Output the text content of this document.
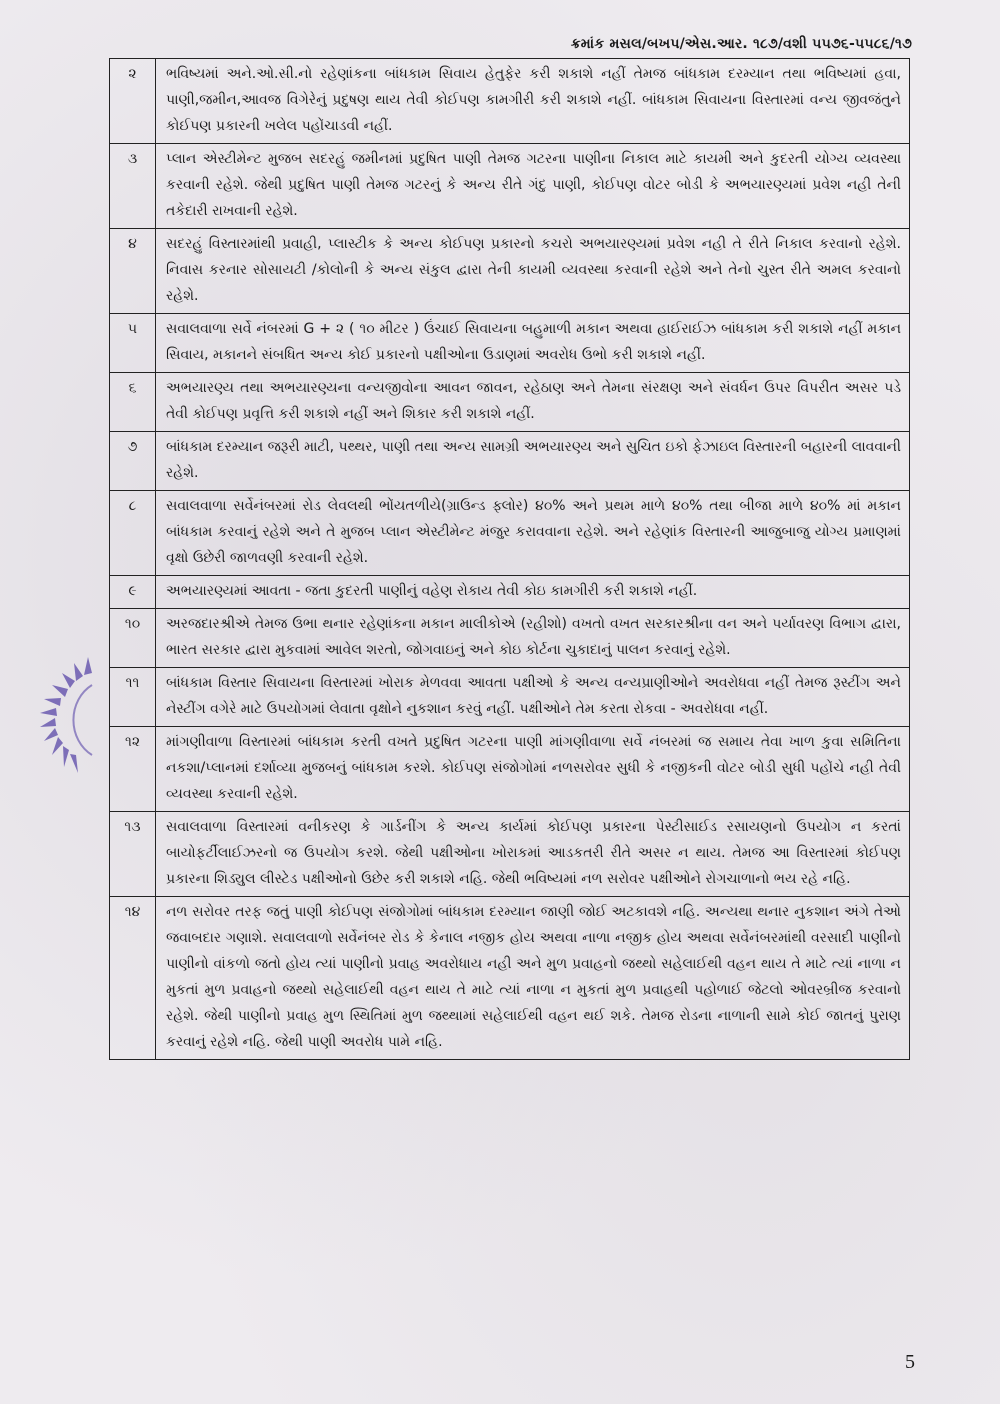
ક્રમાંક મસલ/બખપ/એસ.આર. ૧૮૭/વશી ૫૫૭૬-૫૫૮૬/૧૭
૨	ભવિષ્યમાં અને.ઓ.સી.નો રહેણાંકના બાંધકામ સિવાય હેતુફેર કરી શકાશે નહીં તેમજ બાંધકામ દરમ્યાન તથા ભવિષ્યમાં હવા, પાણી,જમીન,આવજ વિગેરેનું પ્રદુષણ થાય તેવી કોઈપણ કામગીરી કરી શકાશે નહીં. બાંધકામ સિવાયના વિસ્તારમાં વન્ય જીવજંતુને કોઈપણ પ્રકારની ખલેલ પહોંચાડવી નહીં.
૩	પ્લાન એસ્ટીમેન્ટ મુજબ સદરહું જમીનમાં પ્રદુષિત પાણી તેમજ ગટરના પાણીના નિકાલ માટે કાયમી અને કુદરતી યોગ્ય વ્યવસ્થા કરવાની રહેશે. જેથી પ્રદુષિત પાણી તેમજ ગટરનું કે અન્ય રીતે ગંદુ પાણી, કોઈપણ વોટર બોડી કે અભયારણ્યમાં પ્રવેશ નહી તેની તકેદારી રાખવાની રહેશે.
૪	સદરહું વિસ્તારમાંથી પ્રવાહી, પ્લાસ્ટીક કે અન્ય કોઈપણ પ્રકારનો કચરો અભયારણ્યમાં પ્રવેશ નહી તે રીતે નિકાલ કરવાનો રહેશે. નિવાસ કરનાર સોસાયટી /કોલોની કે અન્ય સંકુલ દ્વારા તેની કાયમી વ્યવસ્થા કરવાની રહેશે અને તેનો ચુસ્ત રીતે અમલ કરવાનો રહેશે.
૫	સવાલવાળા સર્વે નંબરમાં G + ૨ ( ૧૦ મીટર ) ઉંચાઈ સિવાયના બહુમાળી મકાન અથવા હાઈરાઈઝ બાંધકામ કરી શકાશે નહીં મકાન સિવાય, મકાનને સંબધિત અન્ય કોઈ પ્રકારનો પક્ષીઓના ઉડાણમાં અવરોધ ઉભો કરી શકાશે નહીં.
૬	અભયારણ્ય તથા અભયારણ્યના વન્યજીવોના આવન જાવન, રહેઠાણ અને તેમના સંરક્ષણ અને સંવર્ધન ઉપર વિપરીત અસર પડે તેવી કોઈપણ પ્રવૃત્તિ કરી શકાશે નહીં અને શિકાર કરી શકાશે નહીં.
૭	બાંધકામ દરમ્યાન જરૂરી માટી, પથ્થર, પાણી તથા અન્ય સામગ્રી અભયારણ્ય અને સુચિત ઇકો ફેઝાઇલ વિસ્તારની બહારની લાવવાની રહેશે.
૮	સવાલવાળા સર્વેનંબરમાં રોડ લેવલથી ભોંયતળીયે(ગ્રાઉન્ડ ફ્લોર) ૪૦% અને પ્રથમ માળે ૪૦% તથા બીજા માળે ૪૦% માં મકાન બાંધકામ કરવાનું રહેશે અને તે મુજબ પ્લાન એસ્ટીમેન્ટ મંજુર કરાવવાના રહેશે. અને રહેણાંક વિસ્તારની આજુબાજુ યોગ્ય પ્રમાણમાં વૃક્ષો ઉછેરી જાળવણી કરવાની રહેશે.
૯	અભયારણ્યમાં આવતા - જતા કુદરતી પાણીનું વહેણ રોકાય તેવી કોઇ કામગીરી કરી શકાશે નહીં.
૧૦	અરજદારશ્રીએ તેમજ ઉભા થનાર રહેણાંકના મકાન માલીકોએ (રહીશો) વખતો વખત સરકારશ્રીના વન અને પર્યાવરણ વિભાગ દ્વારા, ભારત સરકાર દ્વારા મુકવામાં આવેલ શરતો, જોગવાઇનું અને કોઇ કોર્ટના ચુકાદાનું પાલન કરવાનું રહેશે.
૧૧	બાંધકામ વિસ્તાર સિવાયના વિસ્તારમાં ખોરાક મેળવવા આવતા પક્ષીઓ કે અન્ય વન્યપ્રાણીઓને અવરોધવા નહીં તેમજ રૂસ્ટીંગ અને નેસ્ટીંગ વગેરે માટે ઉપયોગમાં લેવાતા વૃક્ષોને નુકશાન કરવું નહીં. પક્ષીઓને તેમ કરતા રોકવા - અવરોધવા નહીં.
૧૨	માંગણીવાળા વિસ્તારમાં બાંધકામ કરતી વખતે પ્રદુષિત ગટરના પાણી માંગણીવાળા સર્વે નંબરમાં જ સમાય તેવા ખાળ કુવા સમિતિના નકશા/પ્લાનમાં દર્શાવ્યા મુજબનું બાંધકામ કરશે. કોઈપણ સંજોગોમાં નળસરોવર સુધી કે નજીકની વોટર બોડી સુધી પહોંચે નહી તેવી વ્યવસ્થા કરવાની રહેશે.
૧૩	સવાલવાળા વિસ્તારમાં વનીકરણ કે ગાર્ડનીંગ કે અન્ય કાર્યમાં કોઈપણ પ્રકારના પેસ્ટીસાઈડ રસાયણનો ઉપયોગ ન કરતાં બાયોફર્ટીલાઈઝરનો જ ઉપયોગ કરશે. જેથી પક્ષીઓના ખોરાકમાં આડકતરી રીતે અસર ન થાય. તેમજ આ વિસ્તારમાં કોઈપણ પ્રકારના શિડ્યુલ લીસ્ટેડ પક્ષીઓનો ઉછેર કરી શકાશે નહિ. જેથી ભવિષ્યમાં નળ સરોવર પક્ષીઓને રોગચાળાનો ભય રહે નહિ.
૧૪	નળ સરોવર તરફ જતું પાણી કોઈપણ સંજોગોમાં બાંધકામ દરમ્યાન જાણી જોઈ અટકાવશે નહિ. અન્યથા થનાર નુકશાન અંગે તેઓ જવાબદાર ગણાશે. સવાલવાળો સર્વેનંબર રોડ કે કેનાલ નજીક હોય અથવા નાળા નજીક હોય અથવા સર્વેનંબરમાંથી વરસાદી પાણીનો પાણીનો વાંકળો જતો હોય ત્યાં પાણીનો પ્રવાહ અવરોધાય નહી અને મુળ પ્રવાહનો જથ્થો સહેલાઈથી વહન થાય તે માટે ત્યાં નાળા ન મુકતાં મુળ પ્રવાહનો જથ્થો સહેલાઈથી વહન થાય તે માટે ત્યાં નાળા ન મુકતાં મુળ પ્રવાહથી પહોળાઈ જેટલો ઓવરબ્રીજ કરવાનો રહેશે. જેથી પાણીનો પ્રવાહ મુળ સ્થિતિમાં મુળ જથ્થામાં સહેલાઈથી વહન થઈ શકે. તેમજ રોડના નાળાની સામે કોઈ જાતનું પુરાણ કરવાનું રહેશે નહિ. જેથી પાણી અવરોધ પામે નહિ.
5
